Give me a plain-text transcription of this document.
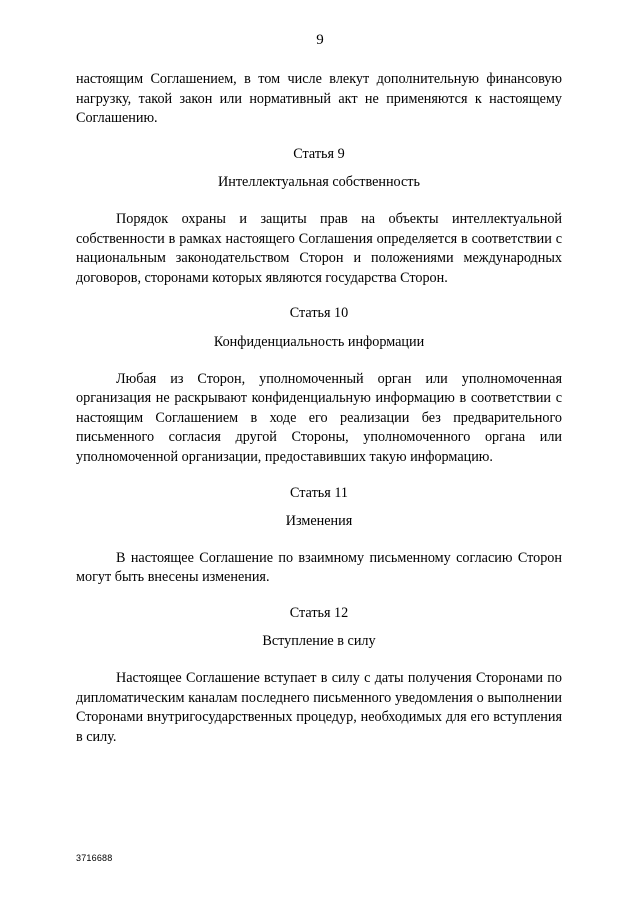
9

настоящим Соглашением, в том числе влекут дополнительную финансовую нагрузку, такой закон или нормативный акт не применяются к настоящему Соглашению.

Статья 9

Интеллектуальная собственность

Порядок охраны и защиты прав на объекты интеллектуальной собственности в рамках настоящего Соглашения определяется в соответствии с национальным законодательством Сторон и положениями международных договоров, сторонами которых являются государства Сторон.

Статья 10

Конфиденциальность информации

Любая из Сторон, уполномоченный орган или уполномоченная организация не раскрывают конфиденциальную информацию в соответствии с настоящим Соглашением в ходе его реализации без предварительного письменного согласия другой Стороны, уполномоченного органа или уполномоченной организации, предоставивших такую информацию.

Статья 11

Изменения

В настоящее Соглашение по взаимному письменному согласию Сторон могут быть внесены изменения.

Статья 12

Вступление в силу

Настоящее Соглашение вступает в силу с даты получения Сторонами по дипломатическим каналам последнего письменного уведомления о выполнении Сторонами внутригосударственных процедур, необходимых для его вступления в силу.

3716688
